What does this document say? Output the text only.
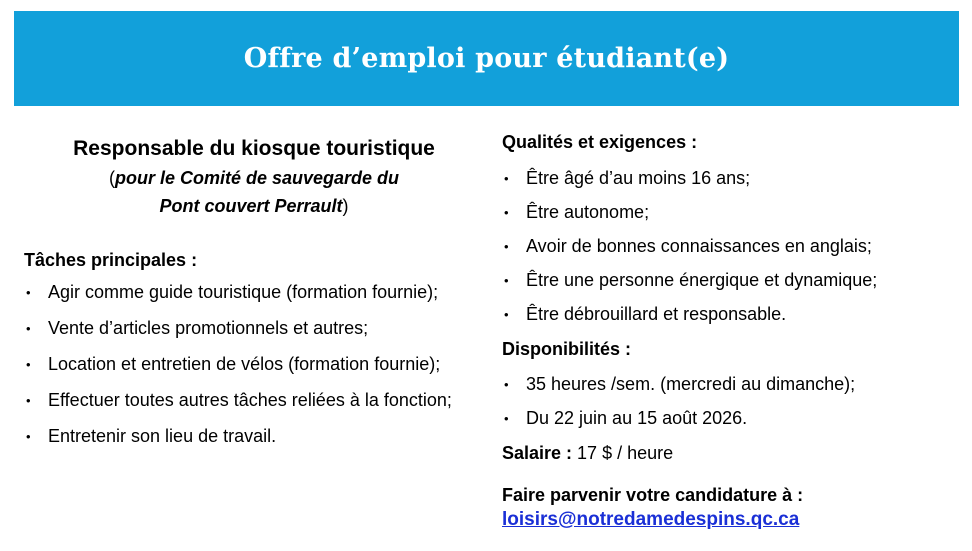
Offre d’emploi pour étudiant(e)

Responsable du kiosque touristique

(pour le Comité de sauvegarde du

Pont couvert Perrault)

Tâches principales :

• Agir comme guide touristique (formation fournie);
• Vente d’articles promotionnels et autres;
• Location et entretien de vélos (formation fournie);
• Effectuer toutes autres tâches reliées à la fonction;
• Entretenir son lieu de travail.

Qualités et exigences :

• Être âgé d’au moins 16 ans;
• Être autonome;
• Avoir de bonnes connaissances en anglais;
• Être une personne énergique et dynamique;
• Être débrouillard et responsable.

Disponibilités :

• 35 heures /sem. (mercredi au dimanche);
• Du 22 juin au 15 août 2026.

Salaire : 17 $ / heure

Faire parvenir votre candidature à :

loisirs@notredamedespins.qc.ca
